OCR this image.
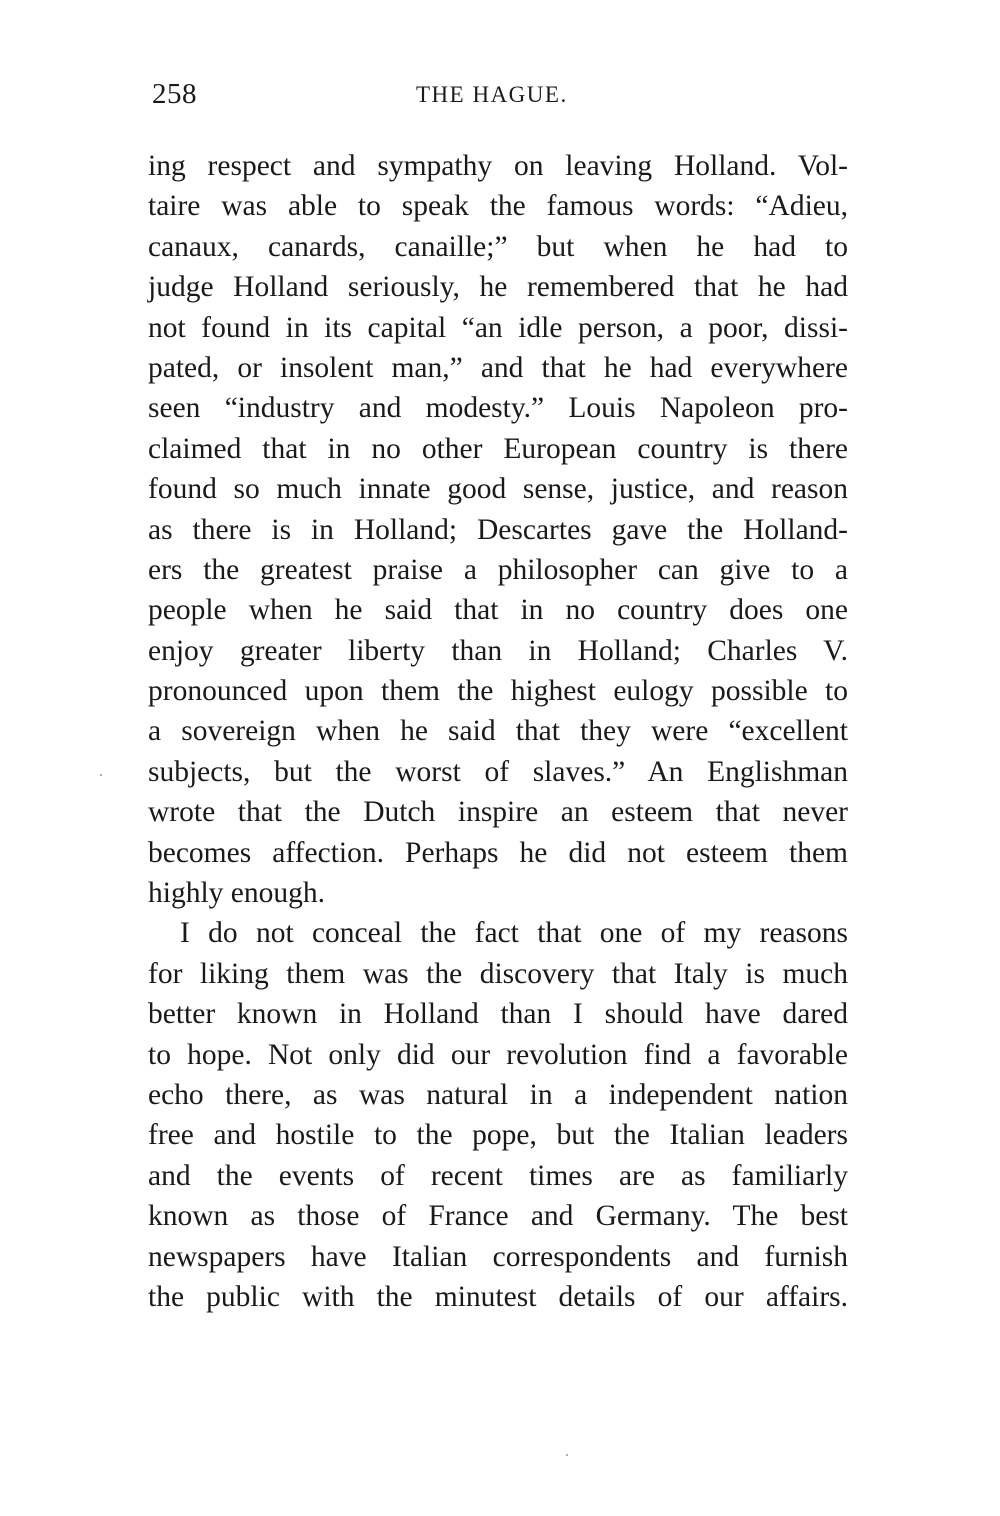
258	THE HAGUE.
ing respect and sympathy on leaving Holland. Vol-
taire was able to speak the famous words: “Adieu,
canaux, canards, canaille;” but when he had to
judge Holland seriously, he remembered that he had
not found in its capital “an idle person, a poor, dissi-
pated, or insolent man,” and that he had everywhere
seen “industry and modesty.” Louis Napoleon pro-
claimed that in no other European country is there
found so much innate good sense, justice, and reason
as there is in Holland; Descartes gave the Holland-
ers the greatest praise a philosopher can give to a
people when he said that in no country does one
enjoy greater liberty than in Holland; Charles V.
pronounced upon them the highest eulogy possible to
a sovereign when he said that they were “excellent
subjects, but the worst of slaves.” An Englishman
wrote that the Dutch inspire an esteem that never
becomes affection. Perhaps he did not esteem them
highly enough.
I do not conceal the fact that one of my reasons
for liking them was the discovery that Italy is much
better known in Holland than I should have dared
to hope. Not only did our revolution find a favorable
echo there, as was natural in a independent nation
free and hostile to the pope, but the Italian leaders
and the events of recent times are as familiarly
known as those of France and Germany. The best
newspapers have Italian correspondents and furnish
the public with the minutest details of our affairs.
